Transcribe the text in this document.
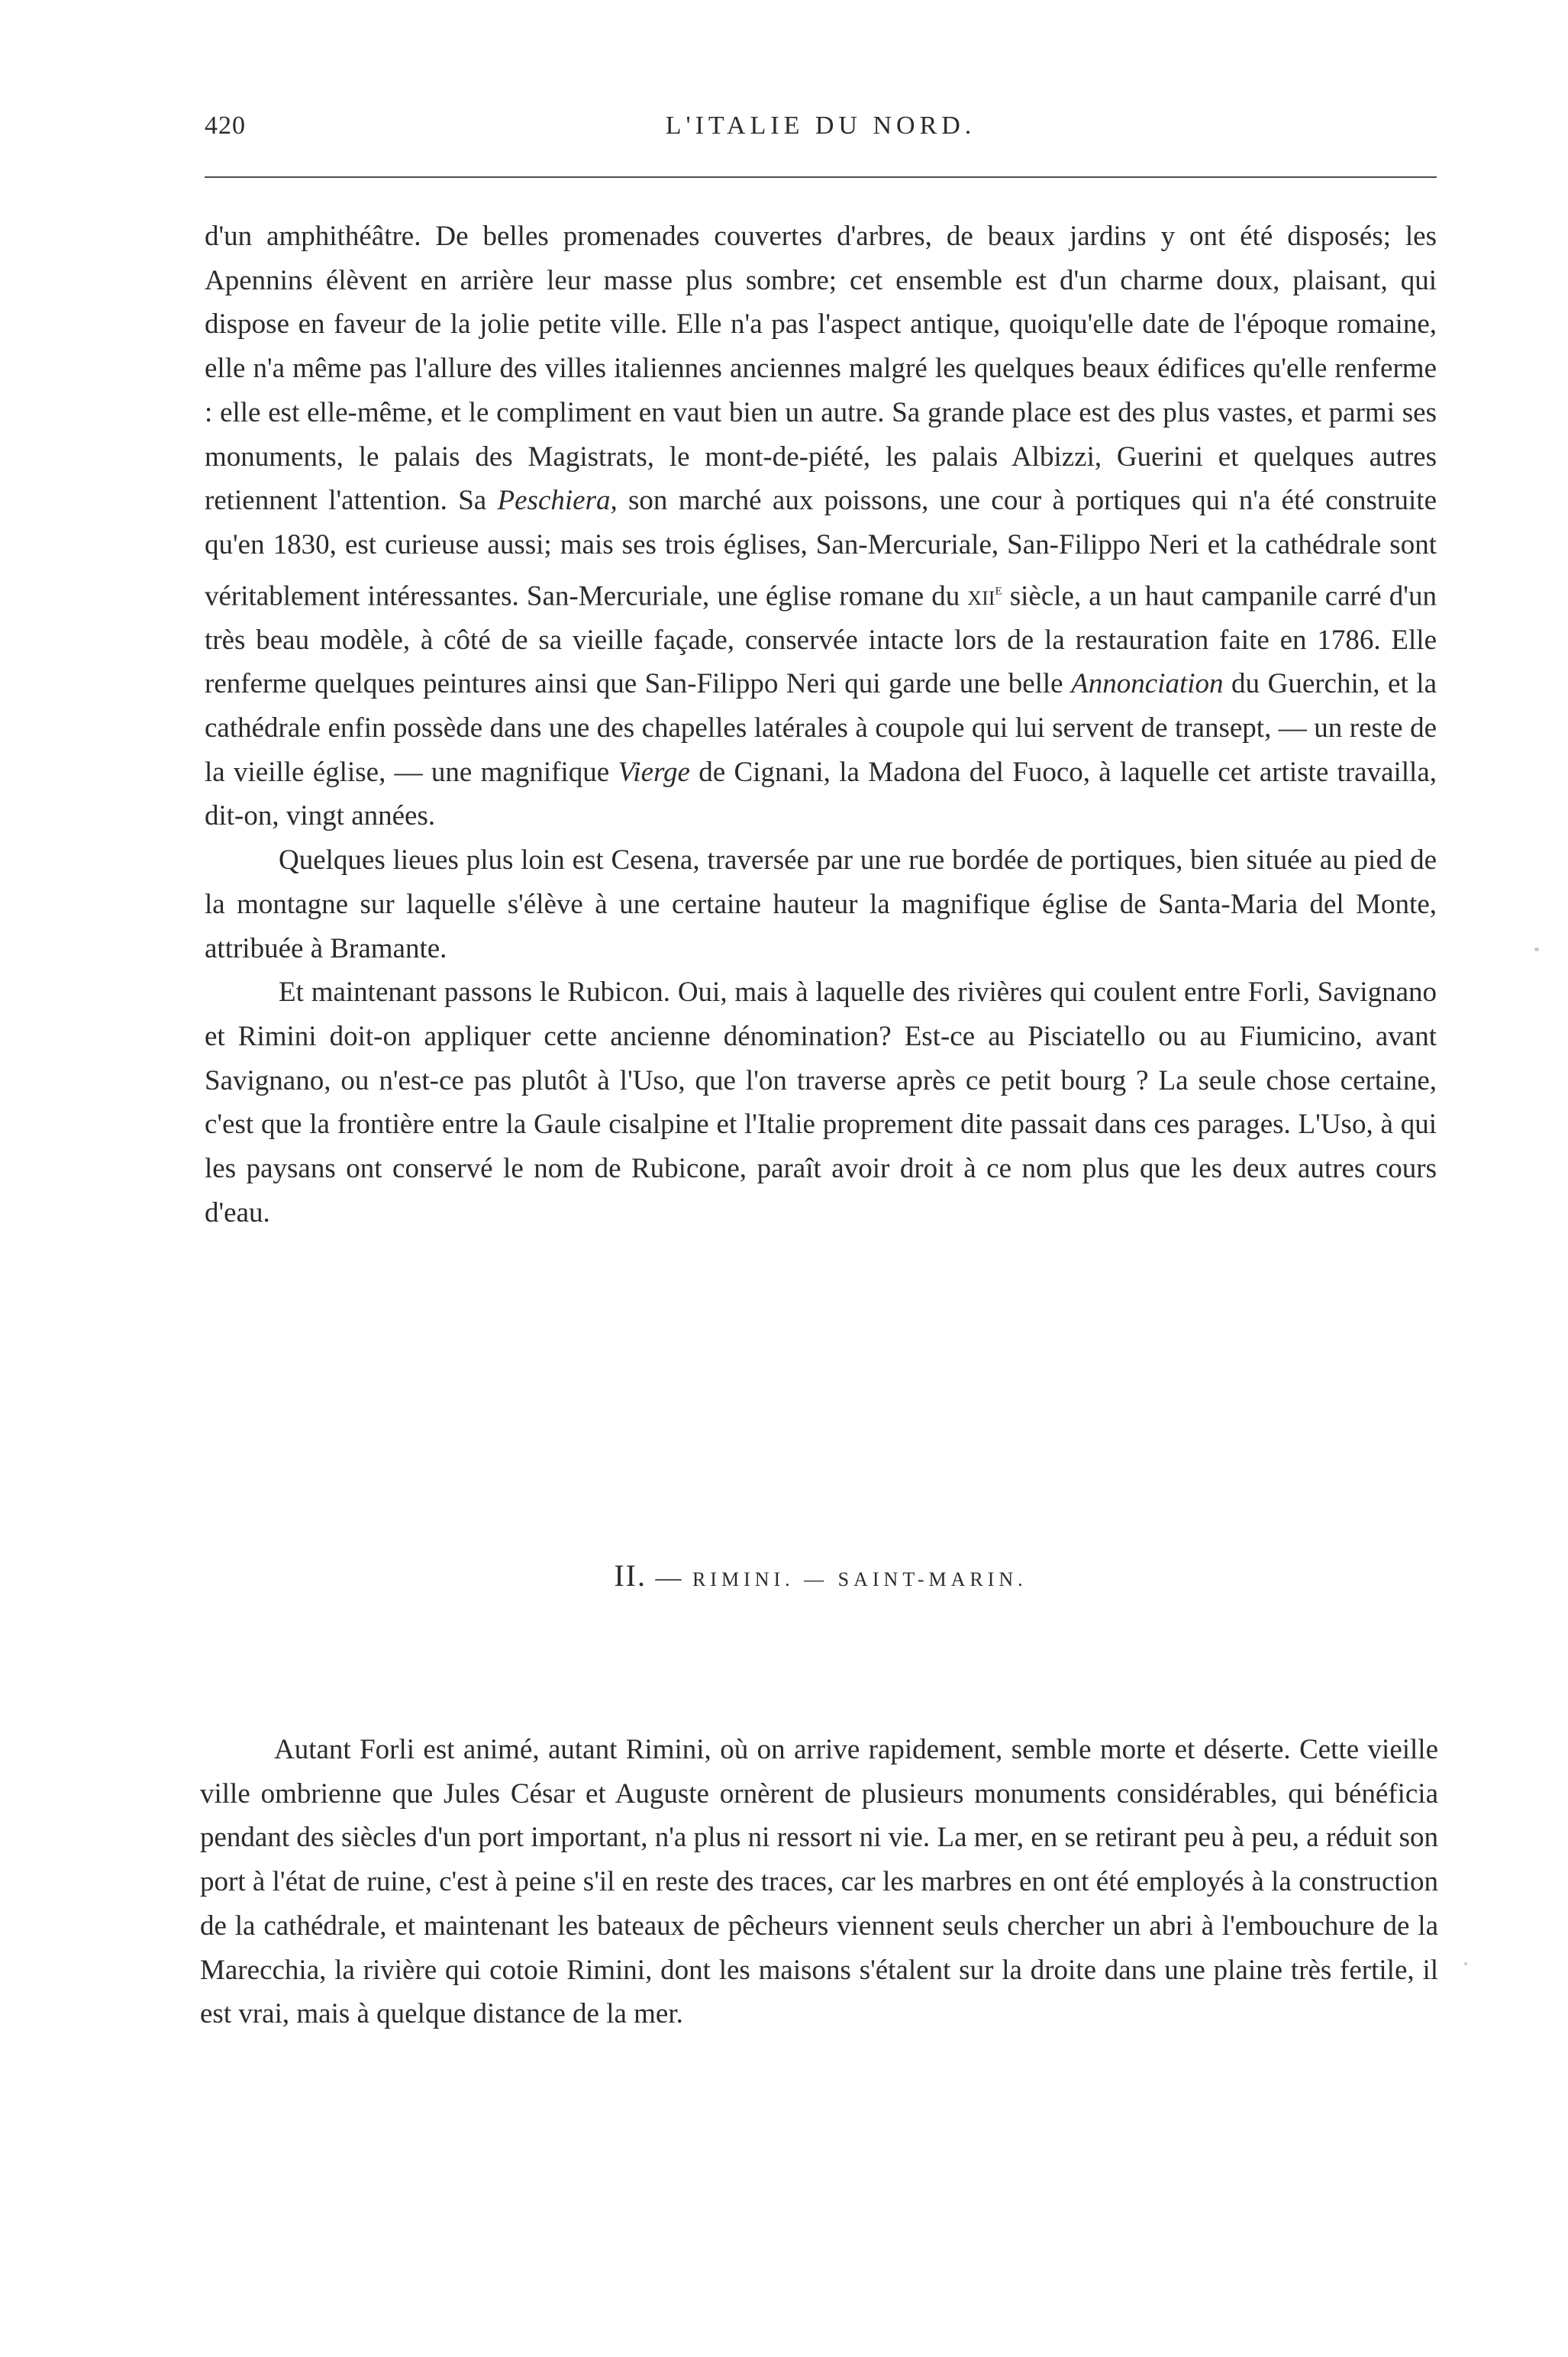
420	L'ITALIE DU NORD.

d'un amphithéâtre. De belles promenades couvertes d'arbres, de beaux jardins y ont été disposés; les Apennins élèvent en arrière leur masse plus sombre; cet ensemble est d'un charme doux, plaisant, qui dispose en faveur de la jolie petite ville. Elle n'a pas l'aspect antique, quoiqu'elle date de l'époque romaine, elle n'a même pas l'allure des villes italiennes anciennes malgré les quelques beaux édifices qu'elle renferme : elle est elle-même, et le compliment en vaut bien un autre. Sa grande place est des plus vastes, et parmi ses monuments, le palais des Magistrats, le mont-de-piété, les palais Albizzi, Guerini et quelques autres retiennent l'attention. Sa Peschiera, son marché aux poissons, une cour à portiques qui n'a été construite qu'en 1830, est curieuse aussi; mais ses trois églises, San-Mercuriale, San-Filippo Neri et la cathédrale sont véritablement intéressantes. San-Mercuriale, une église romane du xii$^e$ siècle, a un haut campanile carré d'un très beau modèle, à côté de sa vieille façade, conservée intacte lors de la restauration faite en 1786. Elle renferme quelques peintures ainsi que San-Filippo Neri qui garde une belle Annonciation du Guerchin, et la cathédrale enfin possède dans une des chapelles latérales à coupole qui lui servent de transept, — un reste de la vieille église, — une magnifique Vierge de Cignani, la Madona del Fuoco, à laquelle cet artiste travailla, dit-on, vingt années.

Quelques lieues plus loin est Cesena, traversée par une rue bordée de portiques, bien située au pied de la montagne sur laquelle s'élève à une certaine hauteur la magnifique église de Santa-Maria del Monte, attribuée à Bramante.

Et maintenant passons le Rubicon. Oui, mais à laquelle des rivières qui coulent entre Forli, Savignano et Rimini doit-on appliquer cette ancienne dénomination? Est-ce au Pisciatello ou au Fiumicino, avant Savignano, ou n'est-ce pas plutôt à l'Uso, que l'on traverse après ce petit bourg ? La seule chose certaine, c'est que la frontière entre la Gaule cisalpine et l'Italie proprement dite passait dans ces parages. L'Uso, à qui les paysans ont conservé le nom de Rubicone, paraît avoir droit à ce nom plus que les deux autres cours d'eau.

II. — RIMINI. — SAINT-MARIN.

Autant Forli est animé, autant Rimini, où on arrive rapidement, semble morte et déserte. Cette vieille ville ombrienne que Jules César et Auguste ornèrent de plusieurs monuments considérables, qui bénéficia pendant des siècles d'un port important, n'a plus ni ressort ni vie. La mer, en se retirant peu à peu, a réduit son port à l'état de ruine, c'est à peine s'il en reste des traces, car les marbres en ont été employés à la construction de la cathédrale, et maintenant les bateaux de pêcheurs viennent seuls chercher un abri à l'embouchure de la Marecchia, la rivière qui cotoie Rimini, dont les maisons s'étalent sur la droite dans une plaine très fertile, il est vrai, mais à quelque distance de la mer.
